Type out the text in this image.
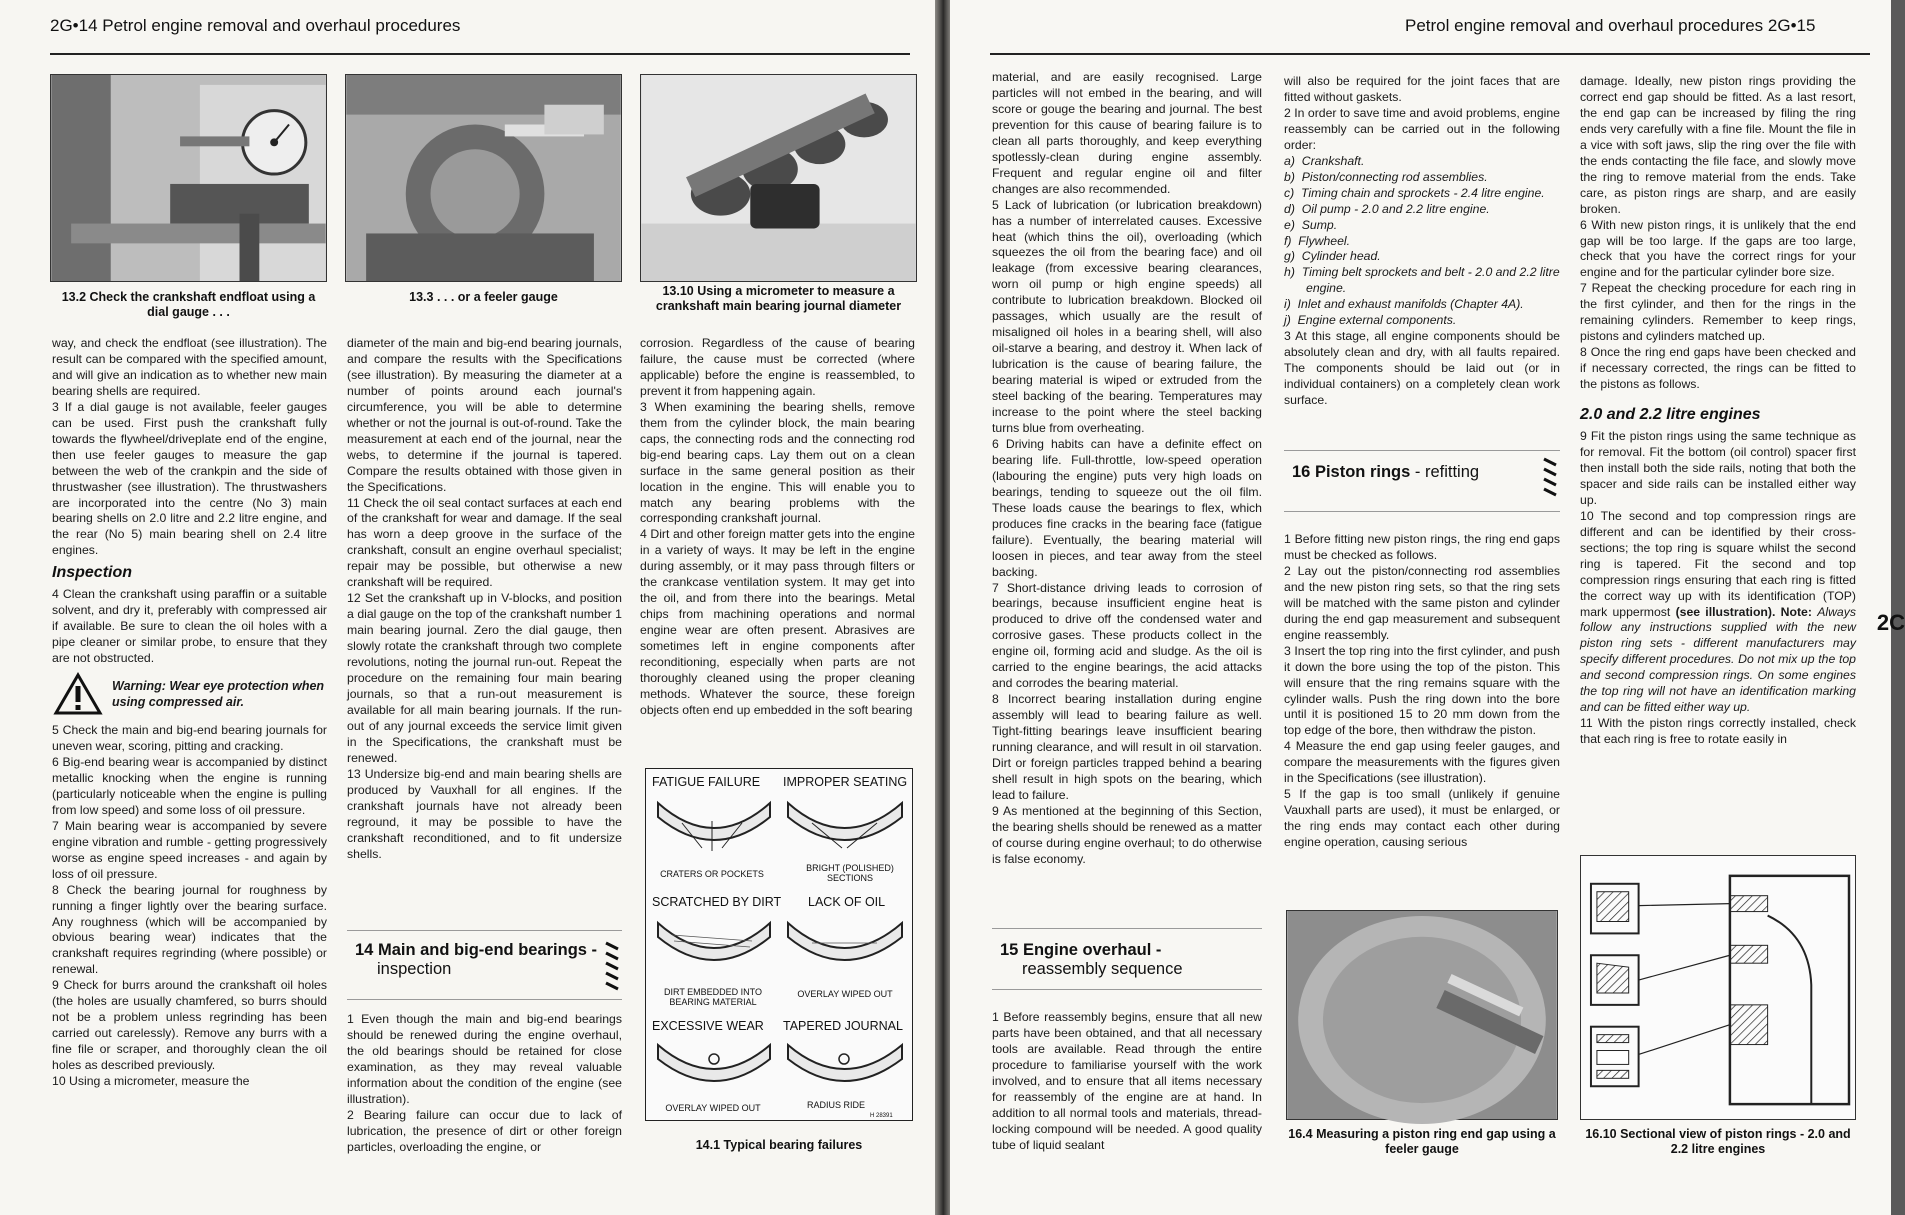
2G•14 Petrol engine removal and overhaul procedures
13.2 Check the crankshaft endfloat using a dial gauge . . .
13.3 . . . or a feeler gauge	13.10 Using a micrometer to measure a crankshaft main bearing journal diameter

way, and check the endfloat (see illustration). The result can be compared with the specified amount, and will give an indication as to whether new main bearing shells are required.

3 If a dial gauge is not available, feeler gauges can be used. First push the crankshaft fully towards the flywheel/driveplate end of the engine, then use feeler gauges to measure the gap between the web of the crankpin and the side of thrustwasher (see illustration). The thrustwashers are incorporated into the centre (No 3) main bearing shells on 2.0 litre and 2.2 litre engine, and the rear (No 5) main bearing shell on 2.4 litre engines.

Inspection

4 Clean the crankshaft using paraffin or a suitable solvent, and dry it, preferably with compressed air if available. Be sure to clean the oil holes with a pipe cleaner or similar probe, to ensure that they are not obstructed.

Warning: Wear eye protection when using compressed air.

5 Check the main and big-end bearing journals for uneven wear, scoring, pitting and cracking.

6 Big-end bearing wear is accompanied by distinct metallic knocking when the engine is running (particularly noticeable when the engine is pulling from low speed) and some loss of oil pressure.

7 Main bearing wear is accompanied by severe engine vibration and rumble - getting progressively worse as engine speed increases - and again by loss of oil pressure.

8 Check the bearing journal for roughness by running a finger lightly over the bearing surface. Any roughness (which will be accompanied by obvious bearing wear) indicates that the crankshaft requires regrinding (where possible) or renewal.

9 Check for burrs around the crankshaft oil holes (the holes are usually chamfered, so burrs should not be a problem unless regrinding has been carried out carelessly). Remove any burrs with a fine file or scraper, and thoroughly clean the oil holes as described previously.

10 Using a micrometer, measure the

diameter of the main and big-end bearing journals, and compare the results with the Specifications (see illustration). By measuring the diameter at a number of points around each journal's circumference, you will be able to determine whether or not the journal is out-of-round. Take the measurement at each end of the journal, near the webs, to determine if the journal is tapered. Compare the results obtained with those given in the Specifications.

11 Check the oil seal contact surfaces at each end of the crankshaft for wear and damage. If the seal has worn a deep groove in the surface of the crankshaft, consult an engine overhaul specialist; repair may be possible, but otherwise a new crankshaft will be required.

12 Set the crankshaft up in V-blocks, and position a dial gauge on the top of the crankshaft number 1 main bearing journal. Zero the dial gauge, then slowly rotate the crankshaft through two complete revolutions, noting the journal run-out. Repeat the procedure on the remaining four main bearing journals, so that a run-out measurement is available for all main bearing journals. If the run-out of any journal exceeds the service limit given in the Specifications, the crankshaft must be renewed.

13 Undersize big-end and main bearing shells are produced by Vauxhall for all engines. If the crankshaft journals have not already been reground, it may be possible to have the crankshaft reconditioned, and to fit undersize shells.

14 Main and big-end bearings -
inspection

1 Even though the main and big-end bearings should be renewed during the engine overhaul, the old bearings should be retained for close examination, as they may reveal valuable information about the condition of the engine (see illustration).

2 Bearing failure can occur due to lack of lubrication, the presence of dirt or other foreign particles, overloading the engine, or

corrosion. Regardless of the cause of bearing failure, the cause must be corrected (where applicable) before the engine is reassembled, to prevent it from happening again.

3 When examining the bearing shells, remove them from the cylinder block, the main bearing caps, the connecting rods and the connecting rod big-end bearing caps. Lay them out on a clean surface in the same general position as their location in the engine. This will enable you to match any bearing problems with the corresponding crankshaft journal.

4 Dirt and other foreign matter gets into the engine in a variety of ways. It may be left in the engine during assembly, or it may pass through filters or the crankcase ventilation system. It may get into the oil, and from there into the bearings. Metal chips from machining operations and normal engine wear are often present. Abrasives are sometimes left in engine components after reconditioning, especially when parts are not thoroughly cleaned using the proper cleaning methods. Whatever the source, these foreign objects often end up embedded in the soft bearing

FATIGUE FAILURE IMPROPER SEATING
CRATERS OR POCKETS
BRIGHT (POLISHED) SECTIONS
SCRATCHED BY DIRT LACK OF OIL
DIRT EMBEDDED INTO BEARING MATERIAL
OVERLAY WIPED OUT
EXCESSIVE WEAR TAPERED JOURNAL
OVERLAY WIPED OUT	RADIUS RIDE
H 28391
14.1 Typical bearing failures
Petrol engine removal and overhaul procedures 2G•15
2C

material, and are easily recognised. Large particles will not embed in the bearing, and will score or gouge the bearing and journal. The best prevention for this cause of bearing failure is to clean all parts thoroughly, and keep everything spotlessly-clean during engine assembly. Frequent and regular engine oil and filter changes are also recommended.

5 Lack of lubrication (or lubrication breakdown) has a number of interrelated causes. Excessive heat (which thins the oil), overloading (which squeezes the oil from the bearing face) and oil leakage (from excessive bearing clearances, worn oil pump or high engine speeds) all contribute to lubrication breakdown. Blocked oil passages, which usually are the result of misaligned oil holes in a bearing shell, will also oil-starve a bearing, and destroy it. When lack of lubrication is the cause of bearing failure, the bearing material is wiped or extruded from the steel backing of the bearing. Temperatures may increase to the point where the steel backing turns blue from overheating.

6 Driving habits can have a definite effect on bearing life. Full-throttle, low-speed operation (labouring the engine) puts very high loads on bearings, tending to squeeze out the oil film. These loads cause the bearings to flex, which produces fine cracks in the bearing face (fatigue failure). Eventually, the bearing material will loosen in pieces, and tear away from the steel backing.

7 Short-distance driving leads to corrosion of bearings, because insufficient engine heat is produced to drive off the condensed water and corrosive gases. These products collect in the engine oil, forming acid and sludge. As the oil is carried to the engine bearings, the acid attacks and corrodes the bearing material.

8 Incorrect bearing installation during engine assembly will lead to bearing failure as well. Tight-fitting bearings leave insufficient bearing running clearance, and will result in oil starvation. Dirt or foreign particles trapped behind a bearing shell result in high spots on the bearing, which lead to failure.

9 As mentioned at the beginning of this Section, the bearing shells should be renewed as a matter of course during engine overhaul; to do otherwise is false economy.

15 Engine overhaul -
reassembly sequence

1 Before reassembly begins, ensure that all new parts have been obtained, and that all necessary tools are available. Read through the entire procedure to familiarise yourself with the work involved, and to ensure that all items necessary for reassembly of the engine are at hand. In addition to all normal tools and materials, thread-locking compound will be needed. A good quality tube of liquid sealant

will also be required for the joint faces that are fitted without gaskets.

2 In order to save time and avoid problems, engine reassembly can be carried out in the following order:

a) Crankshaft.

b) Piston/connecting rod assemblies.

c) Timing chain and sprockets - 2.4 litre engine.

d) Oil pump - 2.0 and 2.2 litre engine.

e) Sump.

f) Flywheel.

g) Cylinder head.

h) Timing belt sprockets and belt - 2.0 and 2.2 litre engine.

i) Inlet and exhaust manifolds (Chapter 4A).

j) Engine external components.

3 At this stage, all engine components should be absolutely clean and dry, with all faults repaired. The components should be laid out (or in individual containers) on a completely clean work surface.

16 Piston rings - refitting

1 Before fitting new piston rings, the ring end gaps must be checked as follows.

2 Lay out the piston/connecting rod assemblies and the new piston ring sets, so that the ring sets will be matched with the same piston and cylinder during the end gap measurement and subsequent engine reassembly.

3 Insert the top ring into the first cylinder, and push it down the bore using the top of the piston. This will ensure that the ring remains square with the cylinder walls. Push the ring down into the bore until it is positioned 15 to 20 mm down from the top edge of the bore, then withdraw the piston.

4 Measure the end gap using feeler gauges, and compare the measurements with the figures given in the Specifications (see illustration).

5 If the gap is too small (unlikely if genuine Vauxhall parts are used), it must be enlarged, or the ring ends may contact each other during engine operation, causing serious

16.4 Measuring a piston ring end gap using a feeler gauge

damage. Ideally, new piston rings providing the correct end gap should be fitted. As a last resort, the end gap can be increased by filing the ring ends very carefully with a fine file. Mount the file in a vice with soft jaws, slip the ring over the file with the ends contacting the file face, and slowly move the ring to remove material from the ends. Take care, as piston rings are sharp, and are easily broken.

6 With new piston rings, it is unlikely that the end gap will be too large. If the gaps are too large, check that you have the correct rings for your engine and for the particular cylinder bore size.

7 Repeat the checking procedure for each ring in the first cylinder, and then for the rings in the remaining cylinders. Remember to keep rings, pistons and cylinders matched up.

8 Once the ring end gaps have been checked and if necessary corrected, the rings can be fitted to the pistons as follows.

2.0 and 2.2 litre engines

9 Fit the piston rings using the same technique as for removal. Fit the bottom (oil control) spacer first then install both the side rails, noting that both the spacer and side rails can be installed either way up.

10 The second and top compression rings are different and can be identified by their cross-sections; the top ring is square whilst the second ring is tapered. Fit the second and top compression rings ensuring that each ring is fitted the correct way up with its identification (TOP) mark uppermost (see illustration). Note: Always follow any instructions supplied with the new piston ring sets - different manufacturers may specify different procedures. Do not mix up the top and second compression rings. On some engines the top ring will not have an identification marking and can be fitted either way up.

11 With the piston rings correctly installed, check that each ring is free to rotate easily in

16.10 Sectional view of piston rings - 2.0 and 2.2 litre engines
